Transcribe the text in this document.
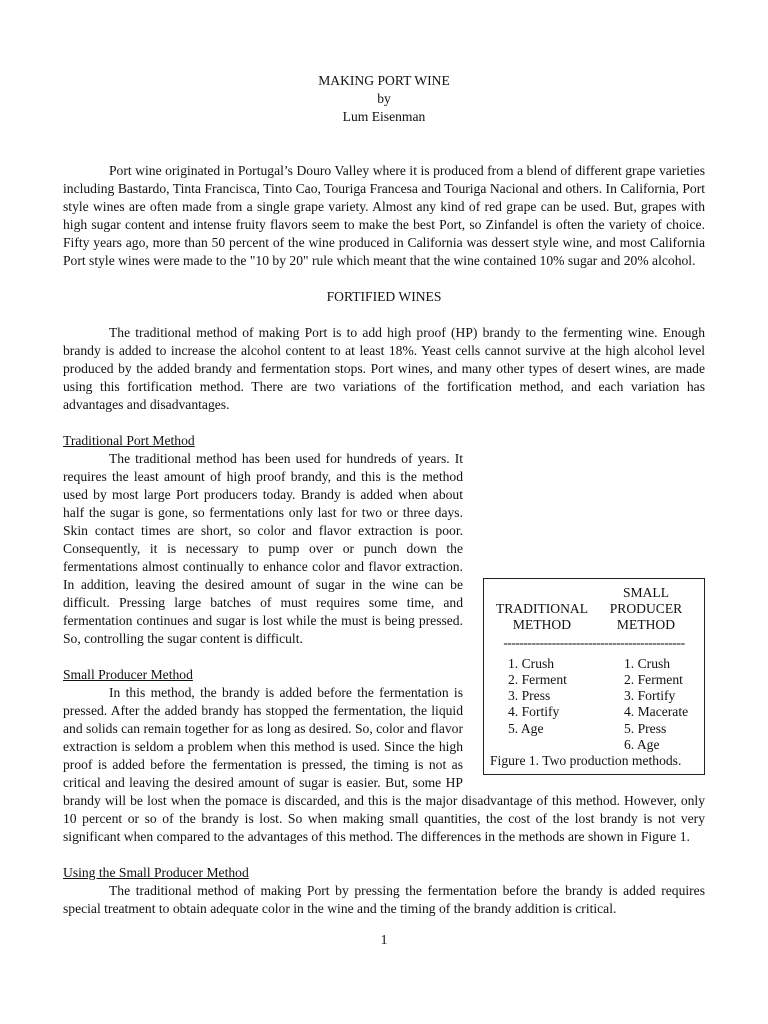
MAKING PORT WINE
by
Lum Eisenman

Port wine originated in Portugal’s Douro Valley where it is produced from a blend of different grape varieties including Bastardo, Tinta Francisca, Tinto Cao, Touriga Francesa and Touriga Nacional and others. In California, Port style wines are often made from a single grape variety. Almost any kind of red grape can be used. But, grapes with high sugar content and intense fruity flavors seem to make the best Port, so Zinfandel is often the variety of choice. Fifty years ago, more than 50 percent of the wine produced in California was dessert style wine, and most California Port style wines were made to the "10 by 20" rule which meant that the wine contained 10% sugar and 20% alcohol.

FORTIFIED WINES

The traditional method of making Port is to add high proof (HP) brandy to the fermenting wine. Enough brandy is added to increase the alcohol content to at least 18%. Yeast cells cannot survive at the high alcohol level produced by the added brandy and fermentation stops. Port wines, and many other types of desert wines, are made using this fortification method. There are two variations of the fortification method, and each variation has advantages and disadvantages.

Traditional Port Method
TRADITIONAL
METHOD
SMALL
PRODUCER
METHOD
---------------------------------------------
1. Crush
2. Ferment
3. Press
4. Fortify
5. Age
1. Crush
2. Ferment
3. Fortify
4. Macerate
5. Press
6. Age
Figure 1. Two production methods.

The traditional method has been used for hundreds of years. It requires the least amount of high proof brandy, and this is the method used by most large Port producers today. Brandy is added when about half the sugar is gone, so fermentations only last for two or three days. Skin contact times are short, so color and flavor extraction is poor. Consequently, it is necessary to pump over or punch down the fermentations almost continually to enhance color and flavor extraction. In addition, leaving the desired amount of sugar in the wine can be difficult. Pressing large batches of must requires some time, and fermentation continues and sugar is lost while the must is being pressed. So, controlling the sugar content is difficult.

Small Producer Method

In this method, the brandy is added before the fermentation is pressed. After the added brandy has stopped the fermentation, the liquid and solids can remain together for as long as desired. So, color and flavor extraction is seldom a problem when this method is used. Since the high proof is added before the fermentation is pressed, the timing is not as critical and leaving the desired amount of sugar is easier. But, some HP brandy will be lost when the pomace is discarded, and this is the major disadvantage of this method. However, only 10 percent or so of the brandy is lost. So when making small quantities, the cost of the lost brandy is not very significant when compared to the advantages of this method. The differences in the methods are shown in Figure 1.

Using the Small Producer Method

The traditional method of making Port by pressing the fermentation before the brandy is added requires special treatment to obtain adequate color in the wine and the timing of the brandy addition is critical.

1
